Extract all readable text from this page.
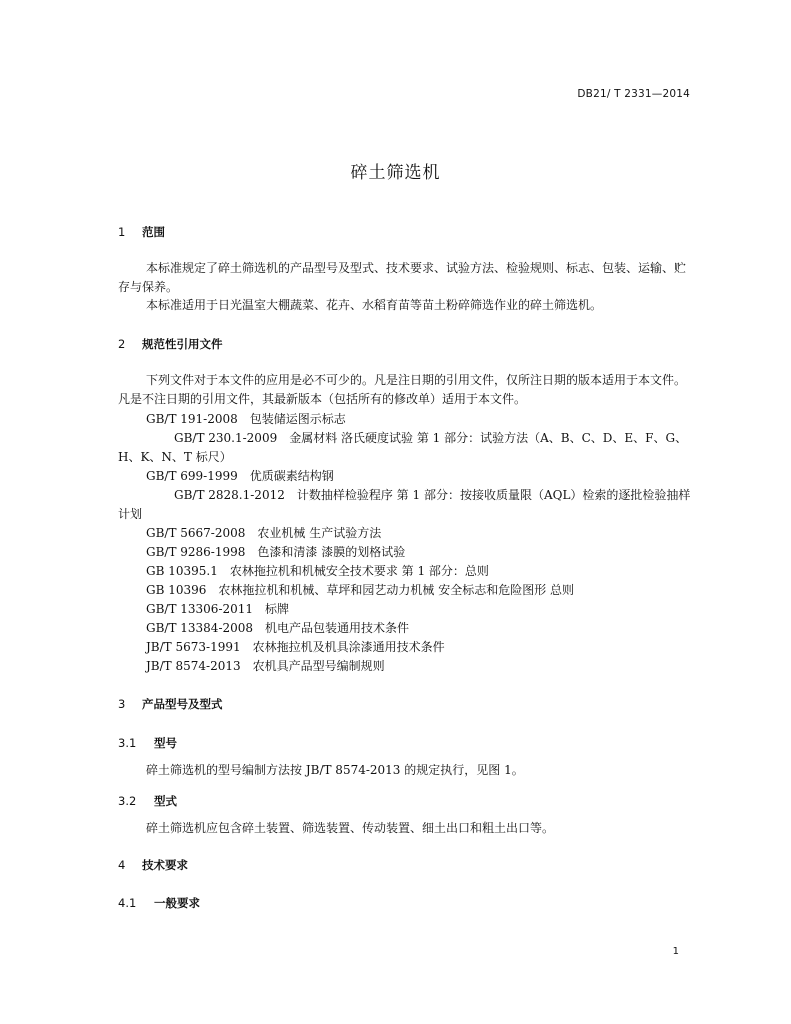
DB21/ T 2331—2014
碎土筛选机
1 范围
本标准规定了碎土筛选机的产品型号及型式、技术要求、试验方法、检验规则、标志、包装、运输、贮存与保养。
本标准适用于日光温室大棚蔬菜、花卉、水稻育苗等苗土粉碎筛选作业的碎土筛选机。
2 规范性引用文件
下列文件对于本文件的应用是必不可少的。凡是注日期的引用文件，仅所注日期的版本适用于本文件。凡是不注日期的引用文件，其最新版本（包括所有的修改单）适用于本文件。
GB/T 191-2008 包装储运图示标志
GB/T 230.1-2009 金属材料 洛氏硬度试验 第 1 部分：试验方法（A、B、C、D、E、F、G、H、K、N、T 标尺）
GB/T 699-1999 优质碳素结构钢
GB/T 2828.1-2012 计数抽样检验程序 第 1 部分：按接收质量限（AQL）检索的逐批检验抽样计划
GB/T 5667-2008 农业机械 生产试验方法
GB/T 9286-1998 色漆和清漆 漆膜的划格试验
GB 10395.1 农林拖拉机和机械安全技术要求 第 1 部分：总则
GB 10396 农林拖拉机和机械、草坪和园艺动力机械 安全标志和危险图形 总则
GB/T 13306-2011 标牌
GB/T 13384-2008 机电产品包装通用技术条件
JB/T 5673-1991 农林拖拉机及机具涂漆通用技术条件
JB/T 8574-2013 农机具产品型号编制规则
3 产品型号及型式
3.1 型号
碎土筛选机的型号编制方法按 JB/T 8574-2013 的规定执行，见图 1。
3.2 型式
碎土筛选机应包含碎土装置、筛选装置、传动装置、细土出口和粗土出口等。
4 技术要求
4.1 一般要求
1
